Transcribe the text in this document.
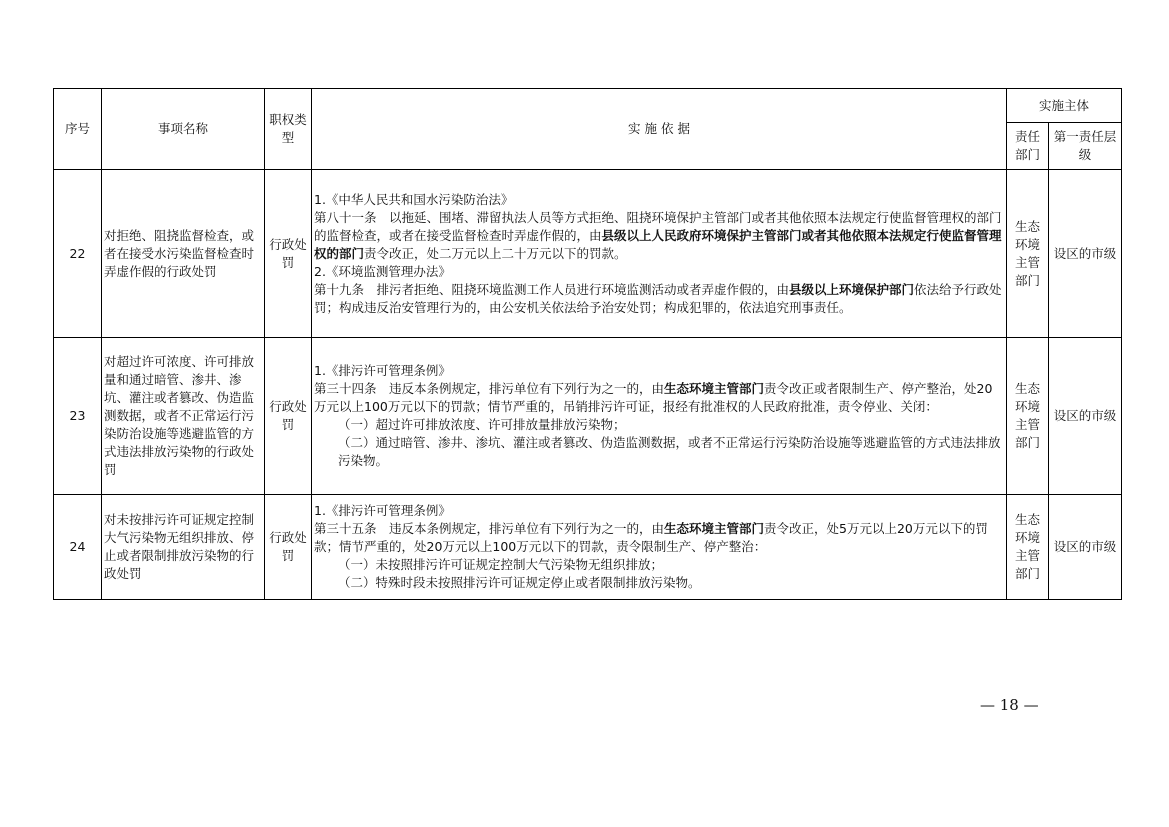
序号	事项名称	职权类型	实 施 依 据	实施主体	
				责任部门	第一责任层级
22	对拒绝、阻挠监督检查，或者在接受水污染监督检查时弄虚作假的行政处罚	行政处罚	1.《中华人民共和国水污染防治法》

第八十一条　以拖延、围堵、滞留执法人员等方式拒绝、阻挠环境保护主管部门或者其他依照本法规定行使监督管理权的部门的监督检查，或者在接受监督检查时弄虚作假的，由县级以上人民政府环境保护主管部门或者其他依照本法规定行使监督管理权的部门责令改正，处二万元以上二十万元以下的罚款。

2.《环境监测管理办法》

第十九条　排污者拒绝、阻挠环境监测工作人员进行环境监测活动或者弄虚作假的，由县级以上环境保护部门依法给予行政处罚；构成违反治安管理行为的，由公安机关依法给予治安处罚；构成犯罪的，依法追究刑事责任。	生态环境主管部门	设区的市级
23	对超过许可浓度、许可排放量和通过暗管、渗井、渗坑、灌注或者篡改、伪造监测数据，或者不正常运行污染防治设施等逃避监管的方式违法排放污染物的行政处罚	行政处罚	1.《排污许可管理条例》

第三十四条　违反本条例规定，排污单位有下列行为之一的，由生态环境主管部门责令改正或者限制生产、停产整治，处20万元以上100万元以下的罚款；情节严重的，吊销排污许可证，报经有批准权的人民政府批准，责令停业、关闭：

（一）超过许可排放浓度、许可排放量排放污染物；

（二）通过暗管、渗井、渗坑、灌注或者篡改、伪造监测数据，或者不正常运行污染防治设施等逃避监管的方式违法排放污染物。	生态环境主管部门	设区的市级
24	对未按排污许可证规定控制大气污染物无组织排放、停止或者限制排放污染物的行政处罚	行政处罚	1.《排污许可管理条例》

第三十五条　违反本条例规定，排污单位有下列行为之一的，由生态环境主管部门责令改正，处5万元以上20万元以下的罚款；情节严重的，处20万元以上100万元以下的罚款，责令限制生产、停产整治：

（一）未按照排污许可证规定控制大气污染物无组织排放；

（二）特殊时段未按照排污许可证规定停止或者限制排放污染物。	生态环境主管部门	设区的市级
— 18 —
